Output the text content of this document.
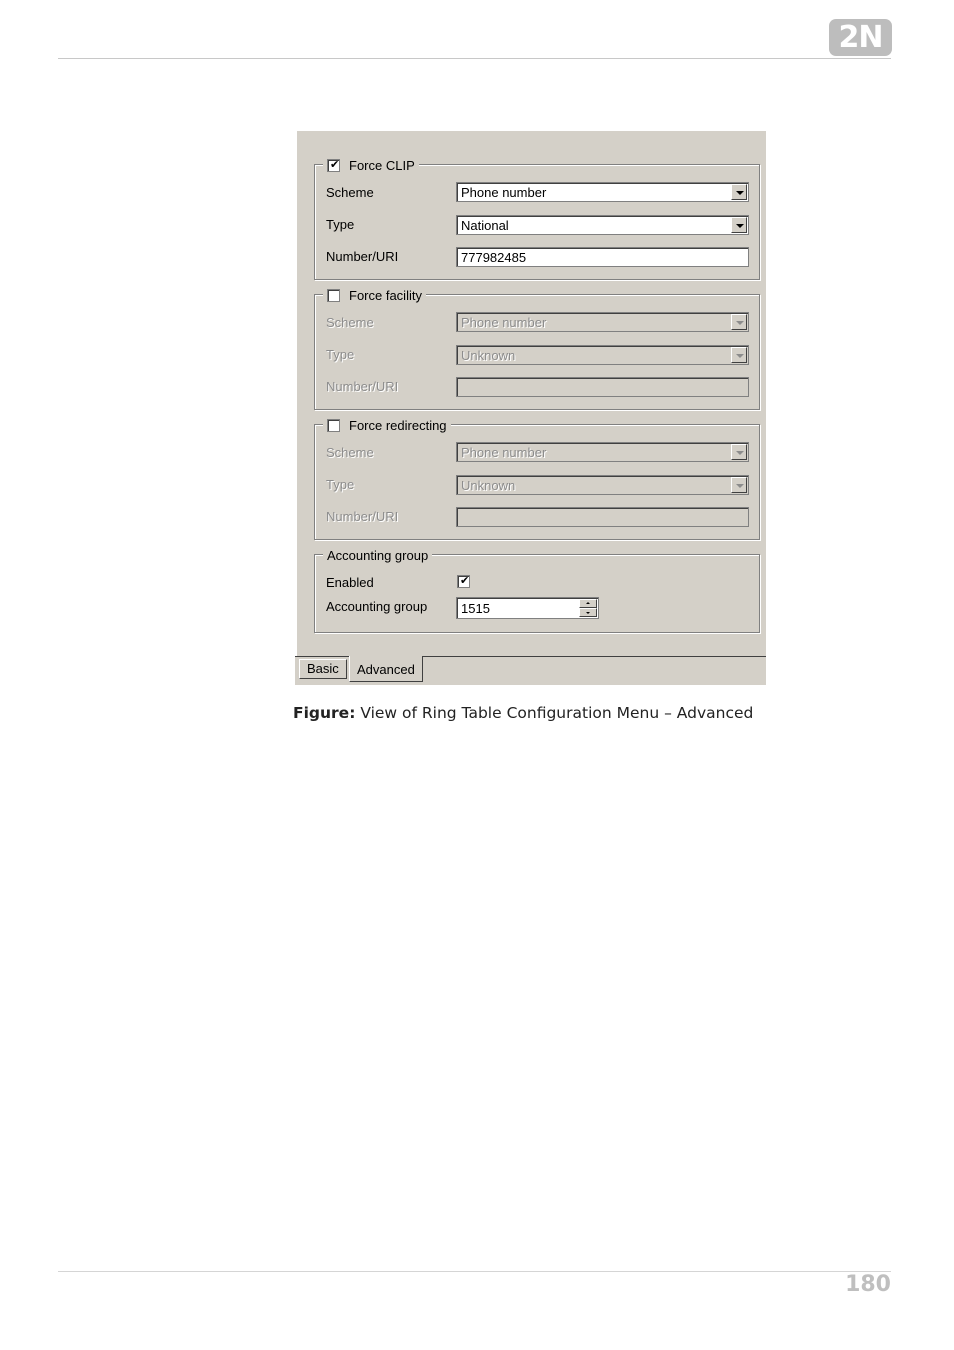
2N
✔ Force CLIP
Scheme	Phone number
Type	National
Number/URI	777982485
Force facility
Scheme	Phone number
Type	Unknown
Number/URI
Force redirecting
Scheme	Phone number
Type	Unknown
Number/URI
Accounting group
Enabled	✔
Accounting group	1515
Basic	Advanced
Figure: View of Ring Table Configuration Menu – Advanced
180
